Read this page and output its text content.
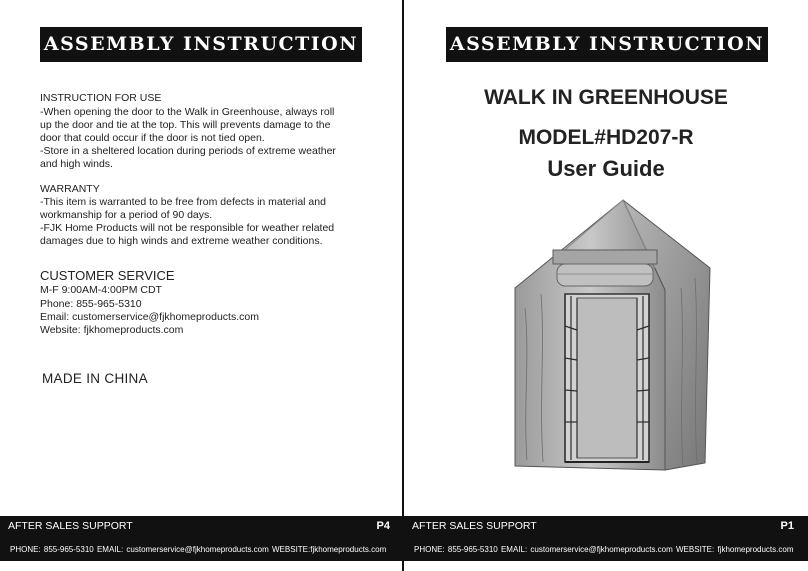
ASSEMBLY INSTRUCTION
INSTRUCTION FOR USE
-When opening the door to the Walk in Greenhouse, always roll
up the door and tie at the top. This will prevents damage to the
door that could occur if the door is not tied open.
-Store in a sheltered location during periods of extreme weather
and high winds.
WARRANTY
-This item is warranted to be free from defects in material and
workmanship for a period of 90 days.
-FJK Home Products will not be responsible for weather related
damages due to high winds and extreme weather conditions.
CUSTOMER SERVICE
M-F 9:00AM-4:00PM CDT
Phone: 855-965-5310
Email: customerservice@fjkhomeproducts.com
Website: fjkhomeproducts.com
MADE IN CHINA
AFTER SALES SUPPORT	P4
PHONE: 855-965-5310 EMAIL: customerservice@fjkhomeproducts.com WEBSITE:fjkhomeproducts.com
ASSEMBLY INSTRUCTION
WALK IN GREENHOUSE
MODEL#HD207-R
User Guide
AFTER SALES SUPPORT	P1
PHONE: 855-965-5310 EMAIL: customerservice@fjkhomeproducts.com WEBSITE: fjkhomeproducts.com
